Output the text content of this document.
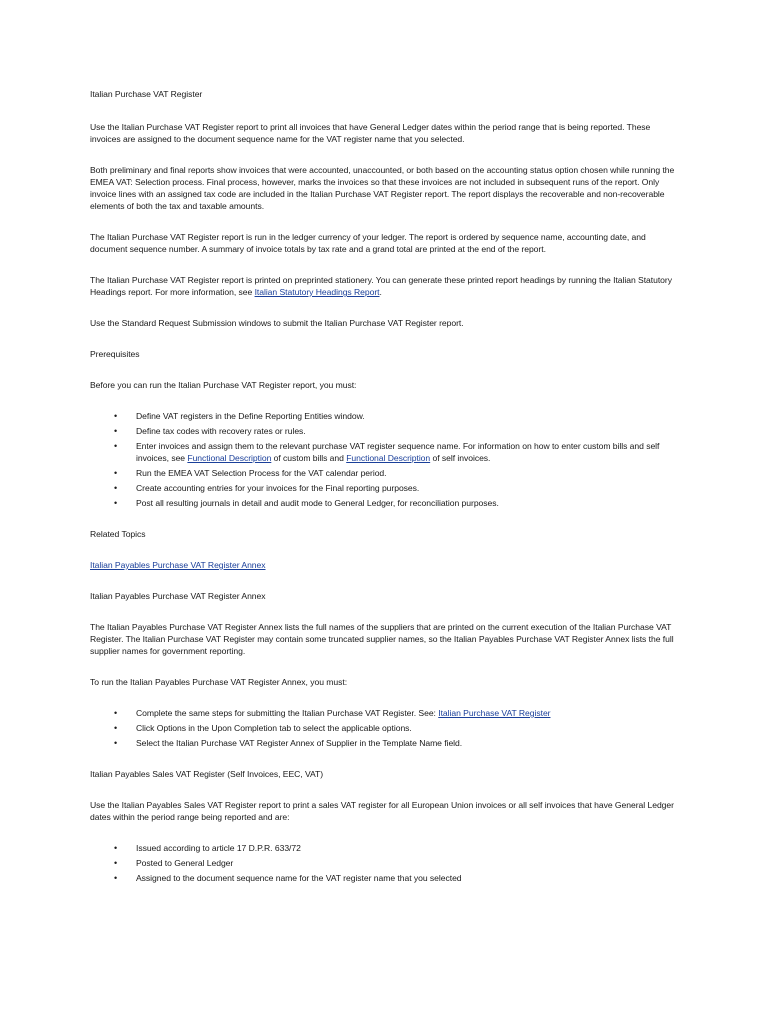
Italian Purchase VAT Register

Use the Italian Purchase VAT Register report to print all invoices that have General Ledger dates within the period range that is being reported. These invoices are assigned to the document sequence name for the VAT register name that you selected.

Both preliminary and final reports show invoices that were accounted, unaccounted, or both based on the accounting status option chosen while running the EMEA VAT: Selection process. Final process, however, marks the invoices so that these invoices are not included in subsequent runs of the report. Only invoice lines with an assigned tax code are included in the Italian Purchase VAT Register report. The report displays the recoverable and non-recoverable elements of both the tax and taxable amounts.

The Italian Purchase VAT Register report is run in the ledger currency of your ledger. The report is ordered by sequence name, accounting date, and document sequence number. A summary of invoice totals by tax rate and a grand total are printed at the end of the report.

The Italian Purchase VAT Register report is printed on preprinted stationery. You can generate these printed report headings by running the Italian Statutory Headings report. For more information, see Italian Statutory Headings Report.

Use the Standard Request Submission windows to submit the Italian Purchase VAT Register report.

Prerequisites

Before you can run the Italian Purchase VAT Register report, you must:

• Define VAT registers in the Define Reporting Entities window.
• Define tax codes with recovery rates or rules.
• Enter invoices and assign them to the relevant purchase VAT register sequence name. For information on how to enter custom bills and self invoices, see Functional Description of custom bills and Functional Description of self invoices.
• Run the EMEA VAT Selection Process for the VAT calendar period.
• Create accounting entries for your invoices for the Final reporting purposes.
• Post all resulting journals in detail and audit mode to General Ledger, for reconciliation purposes.

Related Topics

Italian Payables Purchase VAT Register Annex

Italian Payables Purchase VAT Register Annex

The Italian Payables Purchase VAT Register Annex lists the full names of the suppliers that are printed on the current execution of the Italian Purchase VAT Register. The Italian Purchase VAT Register may contain some truncated supplier names, so the Italian Payables Purchase VAT Register Annex lists the full supplier names for government reporting.

To run the Italian Payables Purchase VAT Register Annex, you must:

• Complete the same steps for submitting the Italian Purchase VAT Register. See: Italian Purchase VAT Register
• Click Options in the Upon Completion tab to select the applicable options.
• Select the Italian Purchase VAT Register Annex of Supplier in the Template Name field.

Italian Payables Sales VAT Register (Self Invoices, EEC, VAT)

Use the Italian Payables Sales VAT Register report to print a sales VAT register for all European Union invoices or all self invoices that have General Ledger dates within the period range being reported and are:

• Issued according to article 17 D.P.R. 633/72
• Posted to General Ledger
• Assigned to the document sequence name for the VAT register name that you selected
